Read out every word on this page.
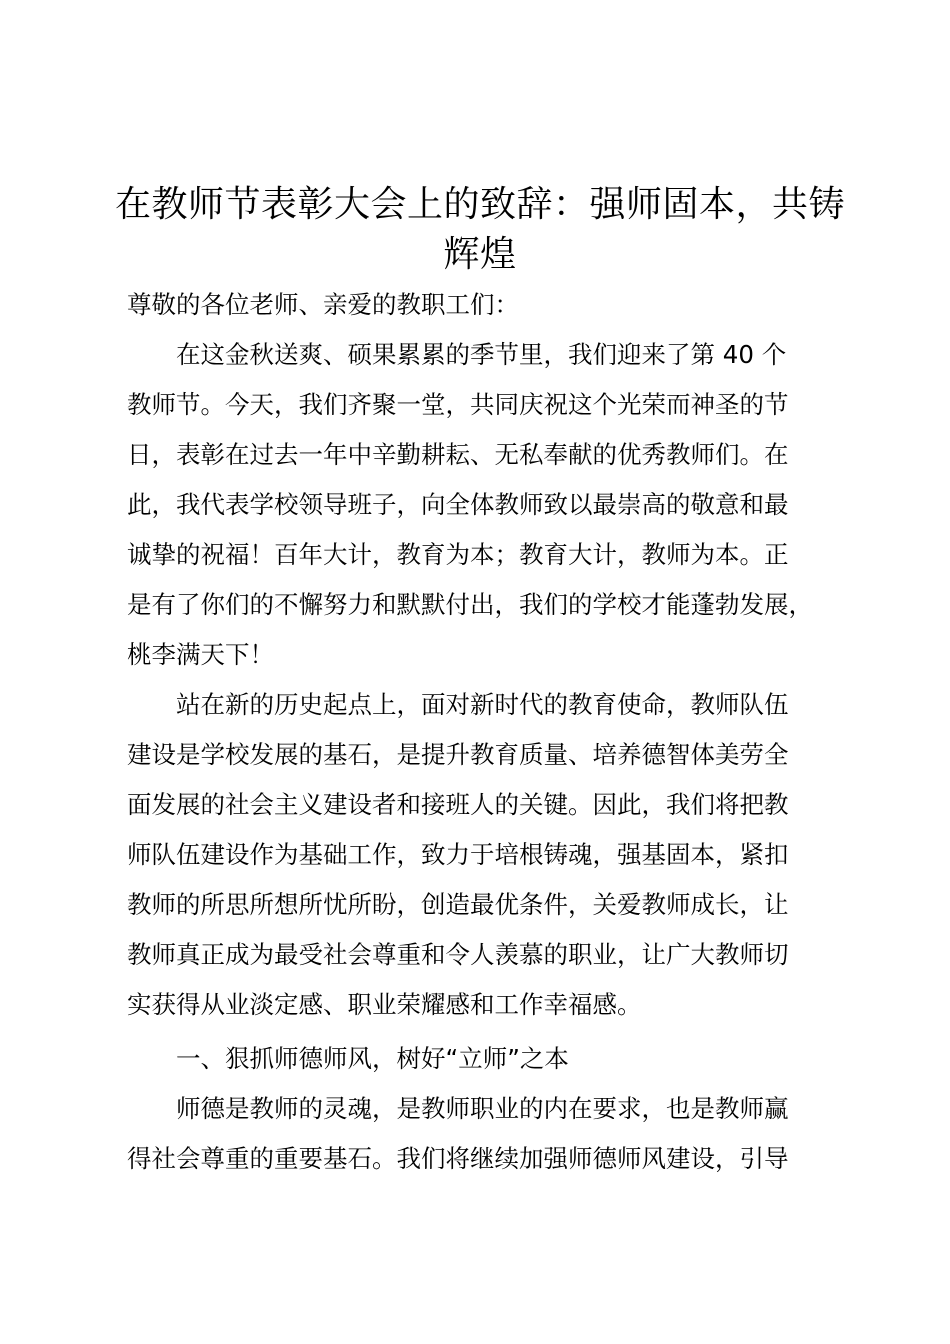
在教师节表彰大会上的致辞：强师固本，共铸
辉煌

尊敬的各位老师、亲爱的教职工们：

在这金秋送爽、硕果累累的季节里，我们迎来了第 40 个
教师节。今天，我们齐聚一堂，共同庆祝这个光荣而神圣的节
日，表彰在过去一年中辛勤耕耘、无私奉献的优秀教师们。在
此，我代表学校领导班子，向全体教师致以最崇高的敬意和最
诚挚的祝福！百年大计，教育为本；教育大计，教师为本。正
是有了你们的不懈努力和默默付出，我们的学校才能蓬勃发展，
桃李满天下！

站在新的历史起点上，面对新时代的教育使命，教师队伍
建设是学校发展的基石，是提升教育质量、培养德智体美劳全
面发展的社会主义建设者和接班人的关键。因此，我们将把教
师队伍建设作为基础工作，致力于培根铸魂，强基固本，紧扣
教师的所思所想所忧所盼，创造最优条件，关爱教师成长，让
教师真正成为最受社会尊重和令人羡慕的职业，让广大教师切
实获得从业淡定感、职业荣耀感和工作幸福感。

一、狠抓师德师风，树好“立师”之本

师德是教师的灵魂，是教师职业的内在要求，也是教师赢
得社会尊重的重要基石。我们将继续加强师德师风建设，引导
